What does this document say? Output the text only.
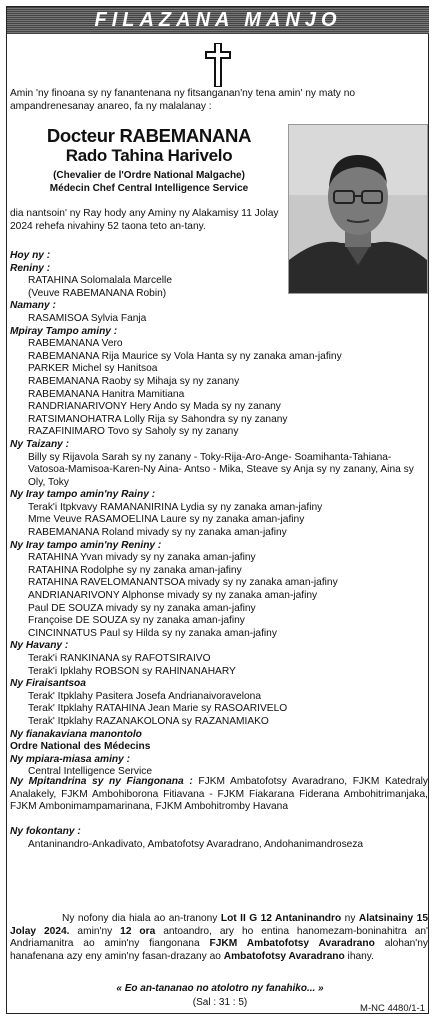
FILAZANA MANJO
Amin 'ny finoana sy ny fanantenana ny fitsanganan'ny tena amin' ny maty no ampandrenesanay anareo, fa ny malalanay :
Docteur RABEMANANA
Rado Tahina Harivelo
(Chevalier de l'Ordre National Malgache)
Médecin Chef Central Intelligence Service
dia nantsoin' ny Ray hody any Aminy ny Alakamisy 11 Jolay 2024 rehefa nivahiny 52 taona teto an-tany.
Hoy ny :
Reniny :
RATAHINA Solomalala Marcelle
(Veuve RABEMANANA Robin)
Namany :
RASAMISOA Sylvia Fanja
Mpiray Tampo aminy :
RABEMANANA Vero
RABEMANANA Rija Maurice sy Vola Hanta sy ny zanaka aman-jafiny
PARKER Michel sy Hanitsoa
RABEMANANA Raoby sy Mihaja sy ny zanany
RABEMANANA Hanitra Mamitiana
RANDRIANARIVONY Hery Ando sy Mada sy ny zanany
RATSIMANOHATRA Lolly Rija sy Sahondra sy ny zanany
RAZAFINIMARO Tovo sy Saholy sy ny zanany
Ny Taizany :
Billy sy Rijavola Sarah sy ny zanany - Toky-Rija-Aro-Ange- Soamihanta-Tahiana- Vatosoa-Mamisoa-Karen-Ny Aina- Antso - Mika, Steave sy Anja sy ny zanany, Aina sy Oly, Toky
Ny Iray tampo amin'ny Rainy :
Terak'i Itpkvavy RAMANANIRINA Lydia sy ny zanaka aman-jafiny
Mme Veuve RASAMOELINA Laure sy ny zanaka aman-jafiny
RABEMANANA Roland mivady sy ny zanaka aman-jafiny
Ny Iray tampo amin'ny Reniny :
RATAHINA Yvan mivady sy ny zanaka aman-jafiny
RATAHINA Rodolphe sy ny zanaka aman-jafiny
RATAHINA RAVELOMANANTSOA mivady sy ny zanaka aman-jafiny
ANDRIANARIVONY Alphonse mivady sy ny zanaka aman-jafiny
Paul DE SOUZA mivady sy ny zanaka aman-jafiny
Françoise DE SOUZA sy ny zanaka aman-jafiny
CINCINNATUS Paul sy Hilda sy ny zanaka aman-jafiny
Ny Havany :
Terak'i RANKINANA sy RAFOTSIRAIVO
Terak'i Ipklahy ROBSON sy RAHINANAHARY
Ny Firaisantsoa
Terak' Itpklahy Pasitera Josefa Andrianaivoravelona
Terak' Itpklahy RATAHINA Jean Marie sy RASOARIVELO
Terak' Itpklahy RAZANAKOLONA sy RAZANAMIAKO
Ny fianakaviana manontolo
Ordre National des Médecins
Ny mpiara-miasa aminy :
Central Intelligence Service
Ny Mpitandrina sy ny Fiangonana : FJKM Ambatofotsy Avaradrano, FJKM Katedraly Analakely, FJKM Ambohiborona Fitiavana - FJKM Fiakarana Fiderana Ambohitrimanjaka, FJKM Ambonimampamarinana, FJKM Ambohitromby Havana
Ny fokontany :
Antaninandro-Ankadivato, Ambatofotsy Avaradrano, Andohanimandroseza
Ny nofony dia hiala ao an-tranony Lot II G 12 Antaninandro ny Alatsinainy 15 Jolay 2024. amin'ny 12 ora antoandro, ary ho entina hanomezam-boninahitra an' Andriamanitra ao amin'ny fiangonana FJKM Ambatofotsy Avaradrano alohan'ny hanafenana azy eny amin'ny fasan-drazany ao Ambatofotsy Avaradrano ihany.
« Eo an-tananao no atolotro ny fanahiko... »
(Sal : 31 : 5)
M-NC 4480/1-1
